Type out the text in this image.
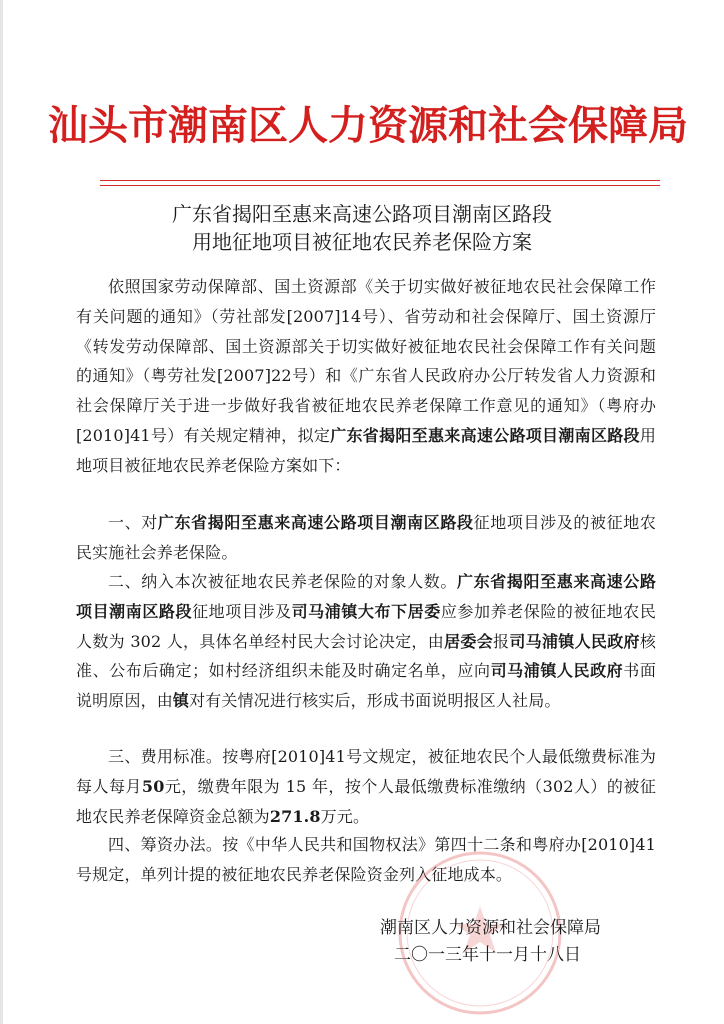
汕头市潮南区人力资源和社会保障局
广东省揭阳至惠来高速公路项目潮南区路段
用地征地项目被征地农民养老保险方案

依照国家劳动保障部、国土资源部《关于切实做好被征地农民社会保障工作有关问题的通知》（劳社部发[2007]14号）、省劳动和社会保障厅、国土资源厅《转发劳动保障部、国土资源部关于切实做好被征地农民社会保障工作有关问题的通知》（粤劳社发[2007]22号）和《广东省人民政府办公厅转发省人力资源和社会保障厅关于进一步做好我省被征地农民养老保障工作意见的通知》（粤府办[2010]41号）有关规定精神，拟定广东省揭阳至惠来高速公路项目潮南区路段用地项目被征地农民养老保险方案如下：

一、对广东省揭阳至惠来高速公路项目潮南区路段征地项目涉及的被征地农民实施社会养老保险。

二、纳入本次被征地农民养老保险的对象人数。广东省揭阳至惠来高速公路项目潮南区路段征地项目涉及司马浦镇大布下居委应参加养老保险的被征地农民人数为 302 人，具体名单经村民大会讨论决定，由居委会报司马浦镇人民政府核准、公布后确定；如村经济组织未能及时确定名单，应向司马浦镇人民政府书面说明原因，由镇对有关情况进行核实后，形成书面说明报区人社局。

三、费用标准。按粤府[2010]41号文规定，被征地农民个人最低缴费标准为每人每月50元，缴费年限为 15 年，按个人最低缴费标准缴纳（302人）的被征地农民养老保障资金总额为271.8万元。

四、筹资办法。按《中华人民共和国物权法》第四十二条和粤府办[2010]41号规定，单列计提的被征地农民养老保险资金列入征地成本。

潮南区人力资源和社会保障局
二〇一三年十一月十八日
